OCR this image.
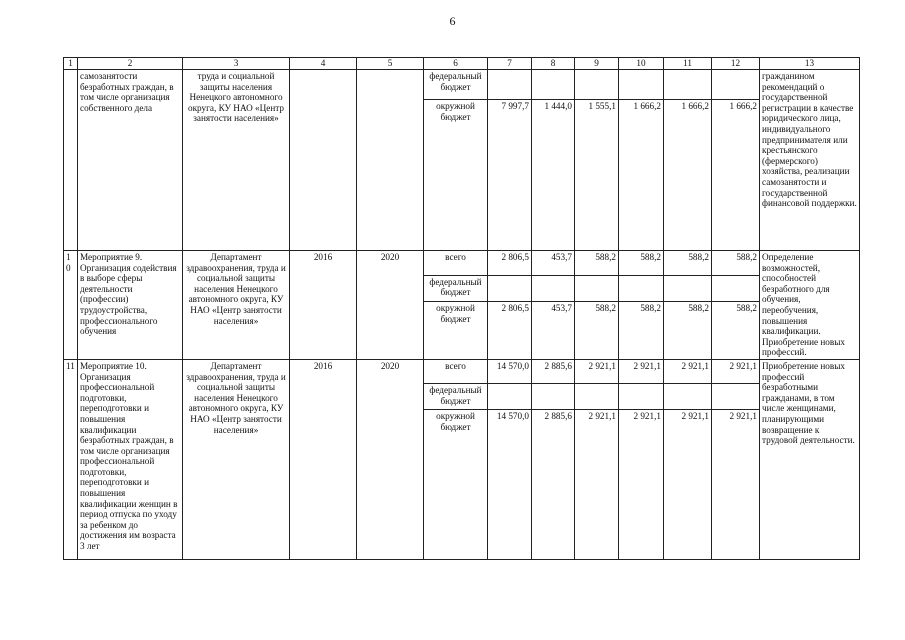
6
1	2	3	4	5	6	7	8	9	10	11	12	13
	самозанятости безработных граждан, в том числе организация собственного дела	труда и социальной защиты населения Ненецкого автономного округа, КУ НАО «Центр занятости населения»			федеральный бюджет							гражданином рекомендаций о государственной регистрации в качестве юридического лица, индивидуального предпринимателя или крестьянского (фермерского) хозяйства, реализации самозанятости и государственной финансовой поддержки.
					окружной бюджет	7 997,7	1 444,0	1 555,1	1 666,2	1 666,2	1 666,2	
10	Мероприятие 9. Организация содействия в выборе сферы деятельности (профессии) трудоустройства, профессионального обучения	Департамент здравоохранения, труда и социальной защиты населения Ненецкого автономного округа, КУ НАО «Центр занятости населения»	2016	2020	всего	2 806,5	453,7	588,2	588,2	588,2	588,2	Определение возможностей, способностей безработного для обучения, переобучения, повышения квалификации. Приобретение новых профессий.
					федеральный бюджет							
					окружной бюджет	2 806,5	453,7	588,2	588,2	588,2	588,2	
11	Мероприятие 10. Организация профессиональной подготовки, переподготовки и повышения квалификации безработных граждан, в том числе организация профессиональной подготовки, переподготовки и повышения квалификации женщин в период отпуска по уходу за ребенком до достижения им возраста 3 лет	Департамент здравоохранения, труда и социальной защиты населения Ненецкого автономного округа, КУ НАО «Центр занятости населения»	2016	2020	всего	14 570,0	2 885,6	2 921,1	2 921,1	2 921,1	2 921,1	Приобретение новых профессий безработными гражданами, в том числе женщинами, планирующими возвращение к трудовой деятельности.
					федеральный бюджет							
					окружной бюджет	14 570,0	2 885,6	2 921,1	2 921,1	2 921,1	2 921,1	
